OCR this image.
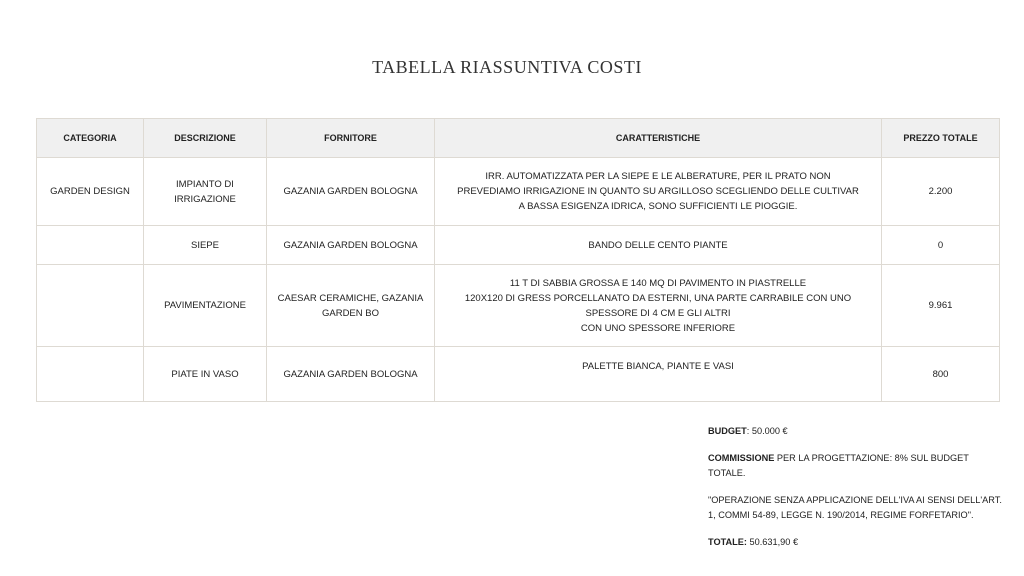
TABELLA RIASSUNTIVA COSTI
CATEGORIA	DESCRIZIONE	FORNITORE	CARATTERISTICHE	PREZZO TOTALE
GARDEN DESIGN	IMPIANTO DI IRRIGAZIONE	GAZANIA GARDEN BOLOGNA	IRR. AUTOMATIZZATA PER LA SIEPE E LE ALBERATURE, PER IL PRATO NON PREVEDIAMO IRRIGAZIONE IN QUANTO SU ARGILLOSO SCEGLIENDO DELLE CULTIVAR A BASSA ESIGENZA IDRICA, SONO SUFFICIENTI LE PIOGGIE.	2.200
	SIEPE	GAZANIA GARDEN BOLOGNA	BANDO DELLE CENTO PIANTE	0
	PAVIMENTAZIONE	CAESAR CERAMICHE, GAZANIA GARDEN BO	11 T DI SABBIA GROSSA E 140 MQ DI PAVIMENTO IN PIASTRELLE
120X120 DI GRESS PORCELLANATO DA ESTERNI, UNA PARTE CARRABILE CON UNO SPESSORE DI 4 CM E GLI ALTRI
CON UNO SPESSORE INFERIORE	9.961
	PIATE IN VASO	GAZANIA GARDEN BOLOGNA	PALETTE BIANCA, PIANTE E VASI	800

BUDGET: 50.000 €

COMMISSIONE PER LA PROGETTAZIONE: 8% SUL BUDGET TOTALE.

"OPERAZIONE SENZA APPLICAZIONE DELL'IVA AI SENSI DELL'ART. 1, COMMI 54-89, LEGGE N. 190/2014, REGIME FORFETARIO".

TOTALE: 50.631,90 €
